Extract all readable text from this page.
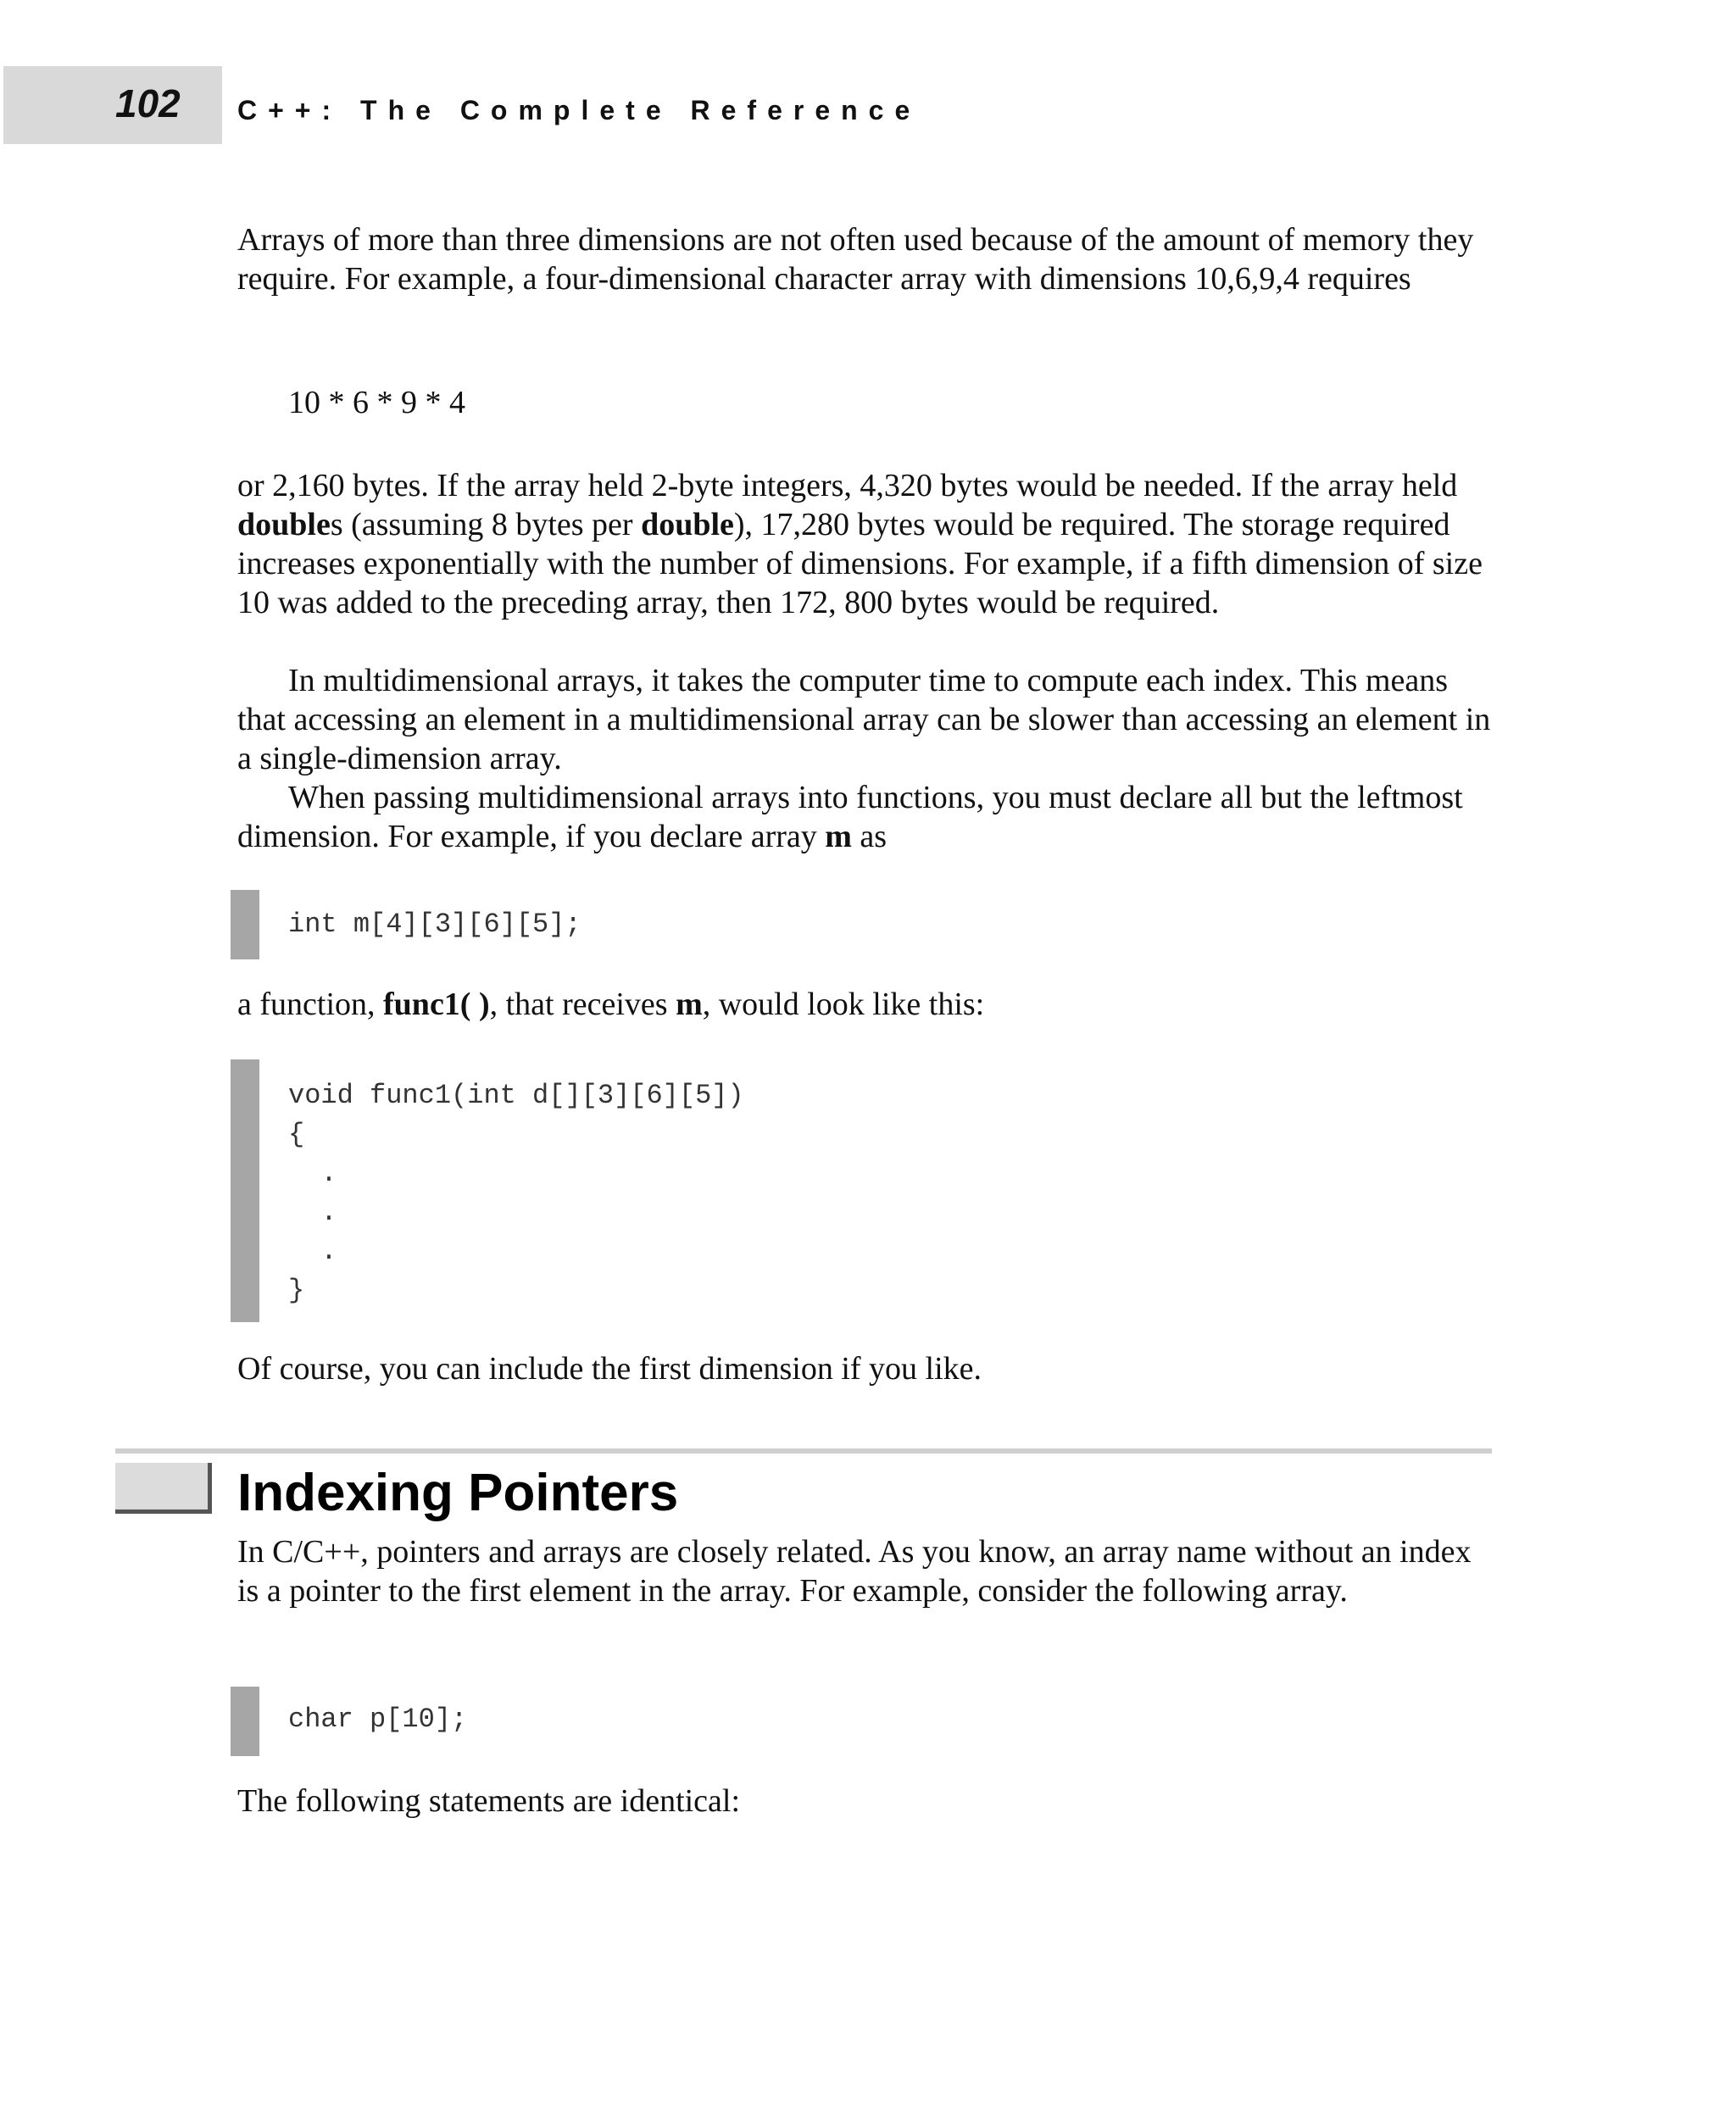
102 C++: The Complete Reference

Arrays of more than three dimensions are not often used because of the amount of memory they require. For example, a four-dimensional character array with dimensions 10,6,9,4 requires

10 * 6 * 9 * 4

or 2,160 bytes. If the array held 2-byte integers, 4,320 bytes would be needed. If the array held doubles (assuming 8 bytes per double), 17,280 bytes would be required. The storage required increases exponentially with the number of dimensions. For example, if a fifth dimension of size 10 was added to the preceding array, then 172, 800 bytes would be required.

In multidimensional arrays, it takes the computer time to compute each index. This means that accessing an element in a multidimensional array can be slower than accessing an element in a single-dimension array.

When passing multidimensional arrays into functions, you must declare all but the leftmost dimension. For example, if you declare array m as

int m[4][3][6][5];

a function, func1( ), that receives m, would look like this:

void func1(int d[][3][6][5])
{
.
.
.
}

Of course, you can include the first dimension if you like.

Indexing Pointers

In C/C++, pointers and arrays are closely related. As you know, an array name without an index is a pointer to the first element in the array. For example, consider the following array.

char p[10];

The following statements are identical:
